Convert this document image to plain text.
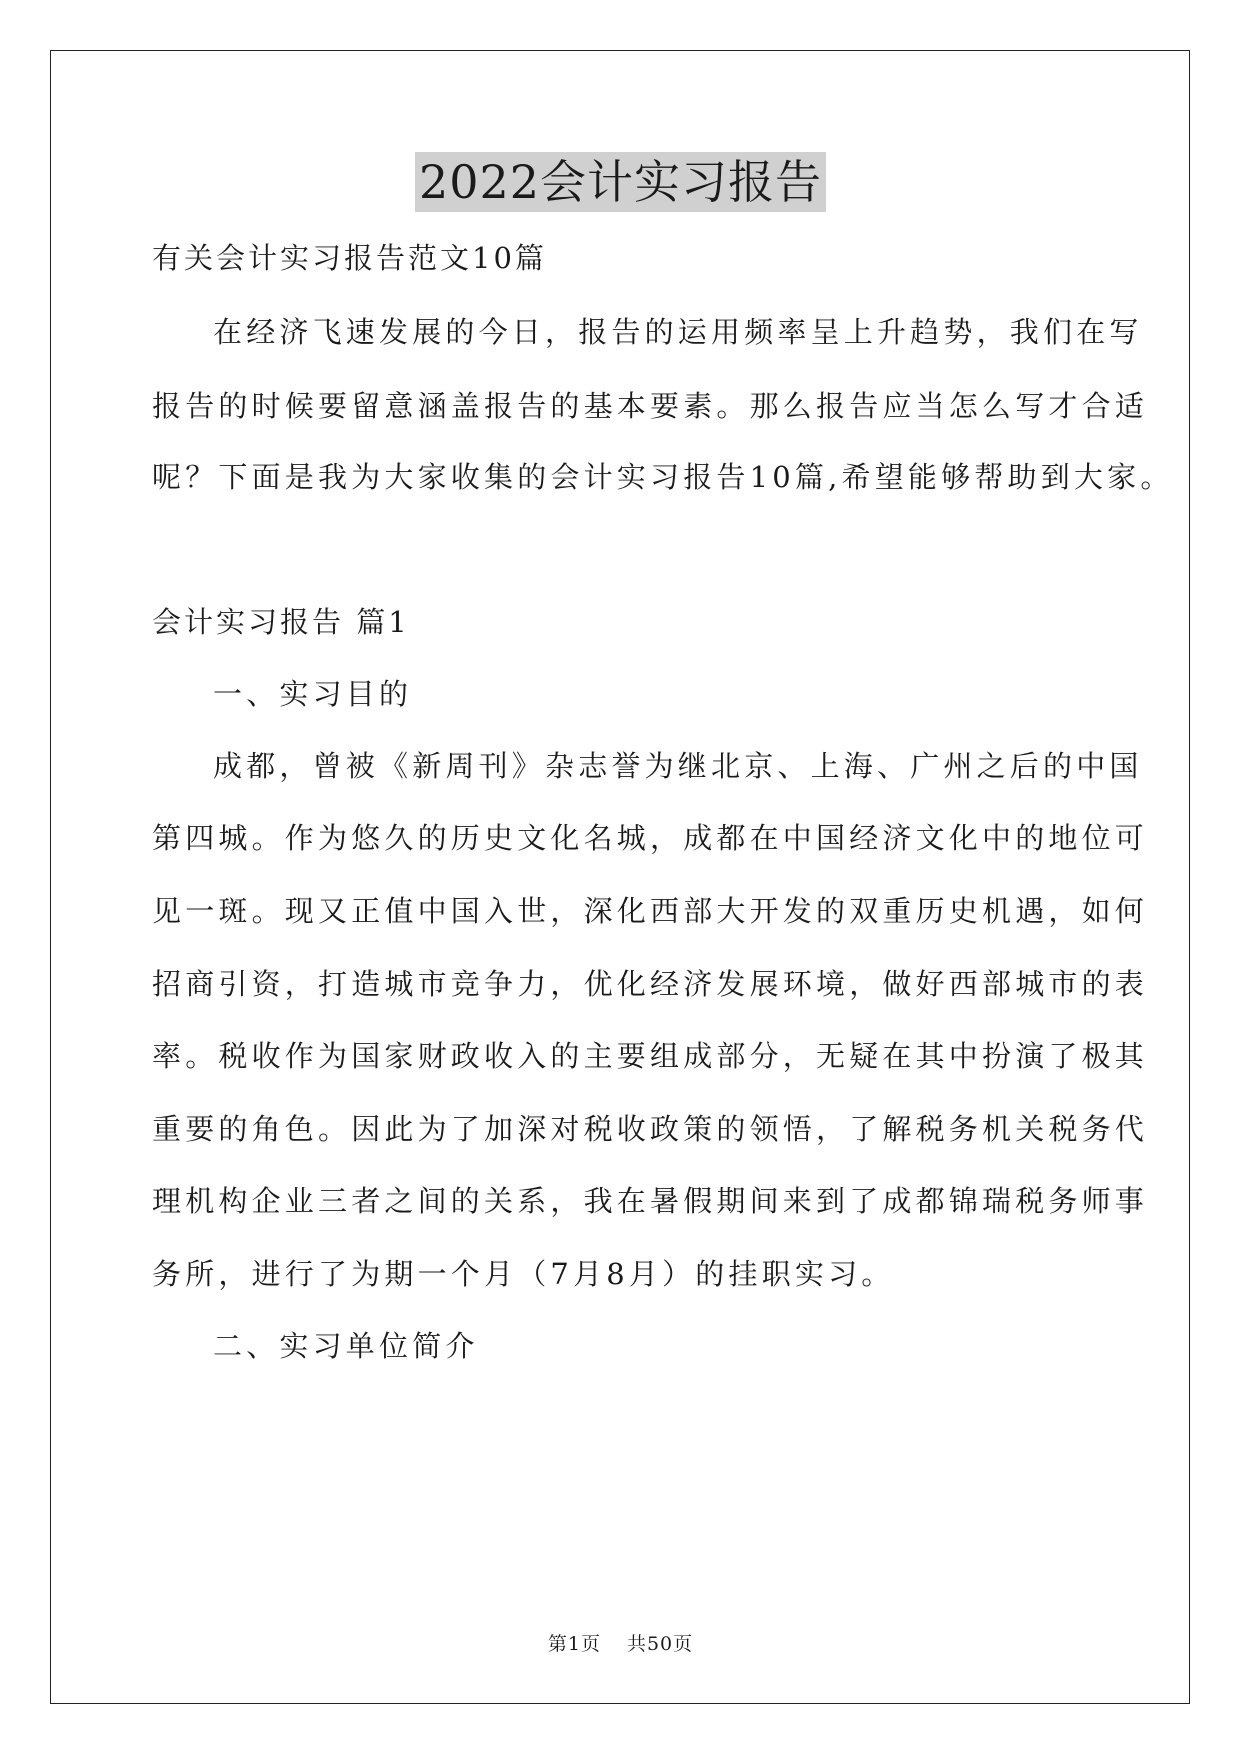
2022会计实习报告
有关会计实习报告范文10篇
在经济飞速发展的今日，报告的运用频率呈上升趋势，我们在写
报告的时候要留意涵盖报告的基本要素。那么报告应当怎么写才合适
呢？下面是我为大家收集的会计实习报告10篇,希望能够帮助到大家。
会计实习报告 篇1
一、实习目的
成都，曾被《新周刊》杂志誉为继北京、上海、广州之后的中国
第四城。作为悠久的历史文化名城，成都在中国经济文化中的地位可
见一斑。现又正值中国入世，深化西部大开发的双重历史机遇，如何
招商引资，打造城市竞争力，优化经济发展环境，做好西部城市的表
率。税收作为国家财政收入的主要组成部分，无疑在其中扮演了极其
重要的角色。因此为了加深对税收政策的领悟，了解税务机关税务代
理机构企业三者之间的关系，我在暑假期间来到了成都锦瑞税务师事
务所，进行了为期一个月（7月8月）的挂职实习。
二、实习单位简介
第1页 共50页
